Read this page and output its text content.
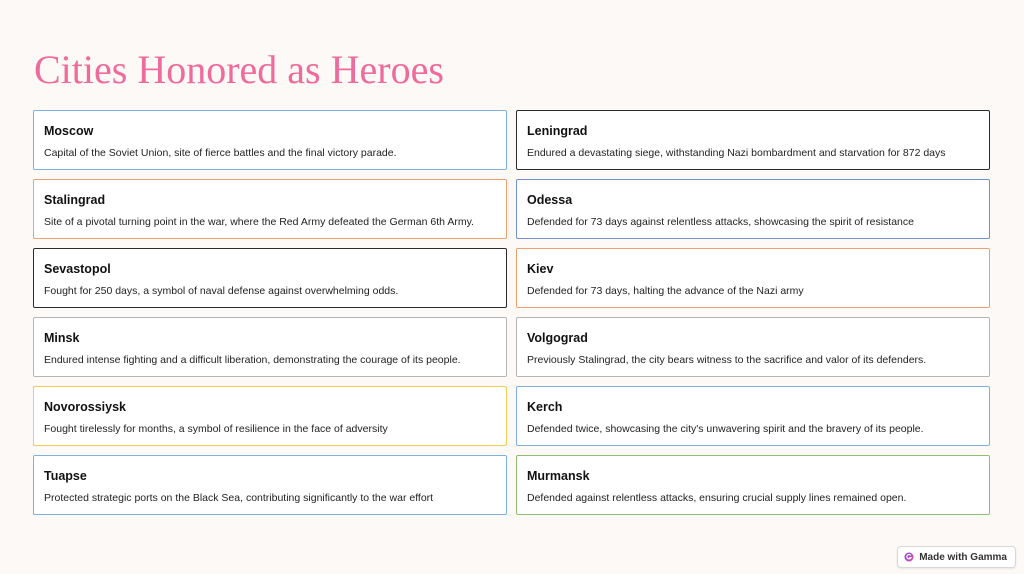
Cities Honored as Heroes
Moscow
Capital of the Soviet Union, site of fierce battles and the final victory parade.
Leningrad
Endured a devastating siege, withstanding Nazi bombardment and starvation for 872 days
Stalingrad
Site of a pivotal turning point in the war, where the Red Army defeated the German 6th Army.
Odessa
Defended for 73 days against relentless attacks, showcasing the spirit of resistance
Sevastopol
Fought for 250 days, a symbol of naval defense against overwhelming odds.
Kiev
Defended for 73 days, halting the advance of the Nazi army
Minsk
Endured intense fighting and a difficult liberation, demonstrating the courage of its people.
Volgograd
Previously Stalingrad, the city bears witness to the sacrifice and valor of its defenders.
Novorossiysk
Fought tirelessly for months, a symbol of resilience in the face of adversity
Kerch
Defended twice, showcasing the city's unwavering spirit and the bravery of its people.
Tuapse
Protected strategic ports on the Black Sea, contributing significantly to the war effort
Murmansk
Defended against relentless attacks, ensuring crucial supply lines remained open.
Made with Gamma
